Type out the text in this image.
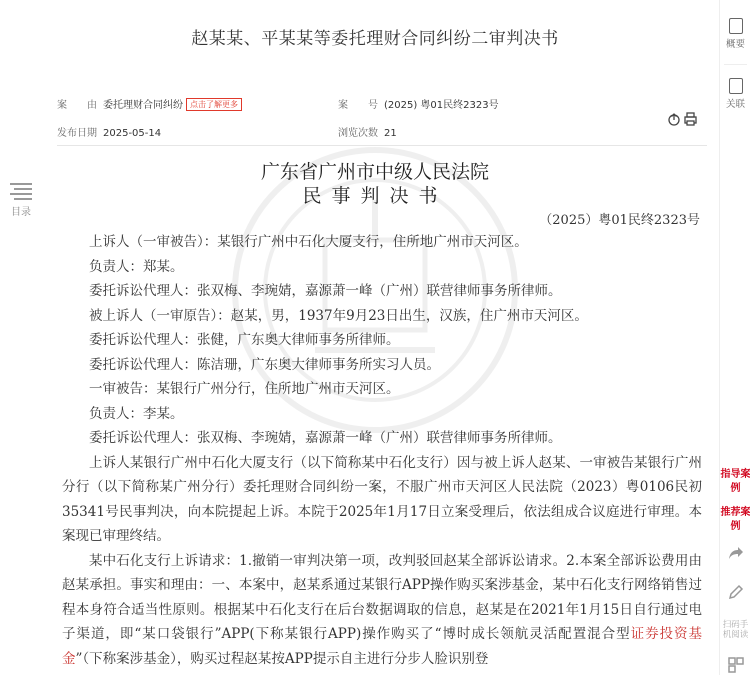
赵某某、平某某等委托理财合同纠纷二审判决书
案　　由 委托理财合同纠纷 点击了解更多	案　　号 (2025) 粤01民终2323号
发布日期 2025-05-14	浏览次数 21
广东省广州市中级人民法院
民事判决书
（2025）粤01民终2323号

上诉人（一审被告）：某银行广州中石化大厦支行，住所地广州市天河区。

负责人：郑某。

委托诉讼代理人：张双梅、李琬婧，嘉源萧一峰（广州）联营律师事务所律师。

被上诉人（一审原告）：赵某，男，1937年9月23日出生，汉族，住广州市天河区。

委托诉讼代理人：张健，广东奥大律师事务所律师。

委托诉讼代理人：陈洁珊，广东奥大律师事务所实习人员。

一审被告：某银行广州分行，住所地广州市天河区。

负责人：李某。

委托诉讼代理人：张双梅、李琬婧，嘉源萧一峰（广州）联营律师事务所律师。

上诉人某银行广州中石化大厦支行（以下简称某中石化支行）因与被上诉人赵某、一审被告某银行广州分行（以下简称某广州分行）委托理财合同纠纷一案，不服广州市天河区人民法院（2023）粤0106民初35341号民事判决，向本院提起上诉。本院于2025年1月17日立案受理后，依法组成合议庭进行审理。本案现已审理终结。

某中石化支行上诉请求：1.撤销一审判决第一项，改判驳回赵某全部诉讼请求。2.本案全部诉讼费用由赵某承担。事实和理由：一、本案中，赵某系通过某银行APP操作购买案涉基金，某中石化支行网络销售过程本身符合适当性原则。根据某中石化支行在后台数据调取的信息，赵某是在2021年1月15日自行通过电子渠道，即“某口袋银行”APP(下称某银行APP)操作购买了“博时成长领航灵活配置混合型证券投资基金”（下称案涉基金），购买过程赵某按APP提示自主进行分步人脸识别登

目录
概要
关联
指导案例
推荐案例
扫码手机阅读
